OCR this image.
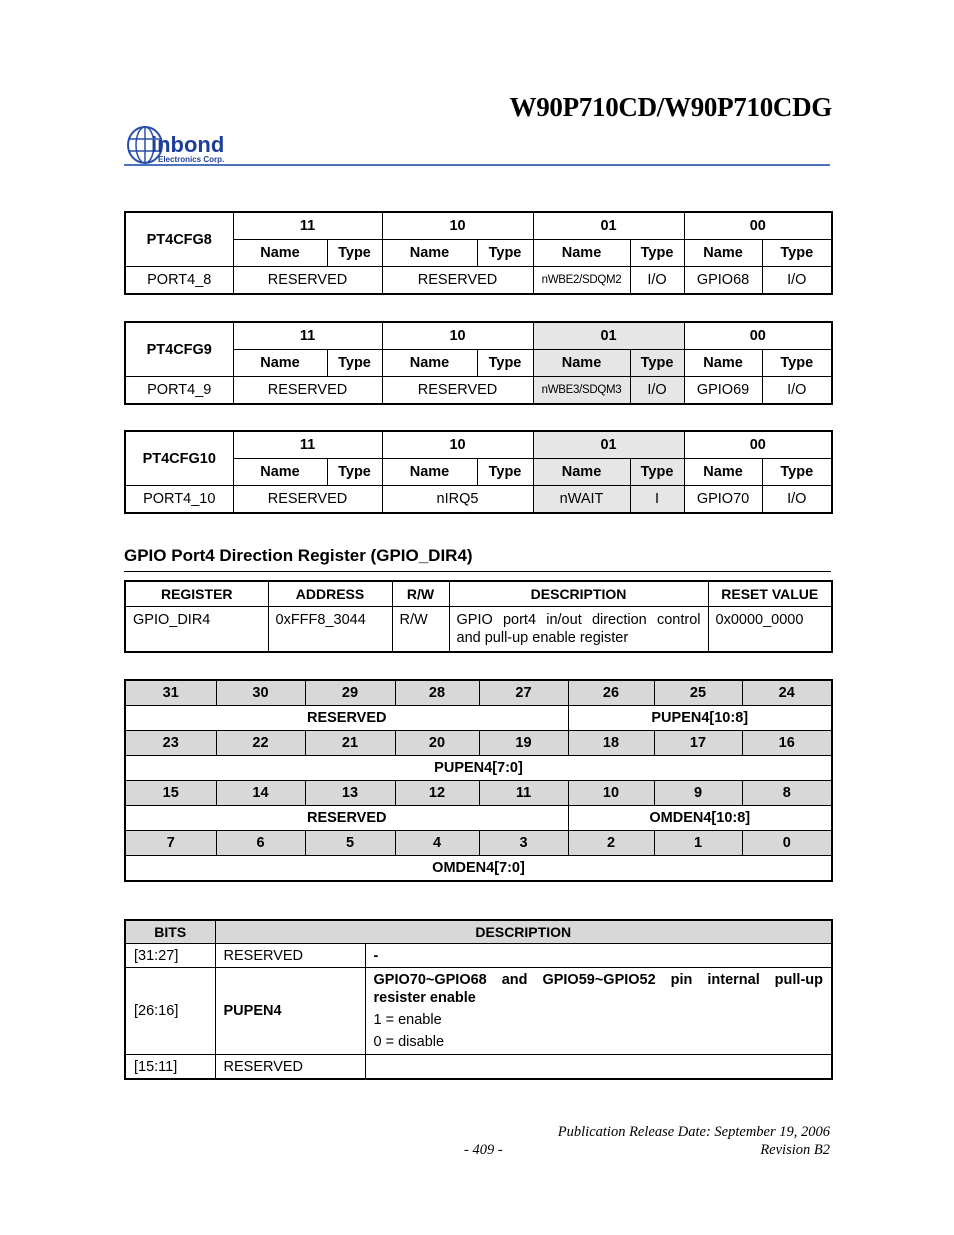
W90P710CD/W90P710CDG
inbond
Electronics Corp.
PT4CFG8	11		10		01		00	
	Name	Type	Name	Type	Name	Type	Name	Type
PORT4_8	RESERVED		RESERVED		nWBE2/SDQM2	I/O	GPIO68	I/O
PT4CFG9	11		10		01		00	
	Name	Type	Name	Type	Name	Type	Name	Type
PORT4_9	RESERVED		RESERVED		nWBE3/SDQM3	I/O	GPIO69	I/O
PT4CFG10	11		10		01		00	
	Name	Type	Name	Type	Name	Type	Name	Type
PORT4_10	RESERVED		nIRQ5		nWAIT	I	GPIO70	I/O
GPIO Port4 Direction Register (GPIO_DIR4)
REGISTER	ADDRESS	R/W	DESCRIPTION	RESET VALUE
GPIO_DIR4	0xFFF8_3044	R/W	GPIO port4 in/out direction control and pull-up enable register	0x0000_0000
31	30	29	28	27	26	25	24
RESERVED					PUPEN4[10:8]		
23	22	21	20	19	18	17	16
PUPEN4[7:0]							
15	14	13	12	11	10	9	8
RESERVED					OMDEN4[10:8]		
7	6	5	4	3	2	1	0
OMDEN4[7:0]							
BITS	DESCRIPTION	
[31:27]	RESERVED	-
[26:16]	PUPEN4	GPIO70~GPIO68 and GPIO59~GPIO52 pin internal pull-up resister enable
1 = enable
0 = disable

[15:11]	RESERVED	
Publication Release Date: September 19, 2006
- 409 -	Revision B2
